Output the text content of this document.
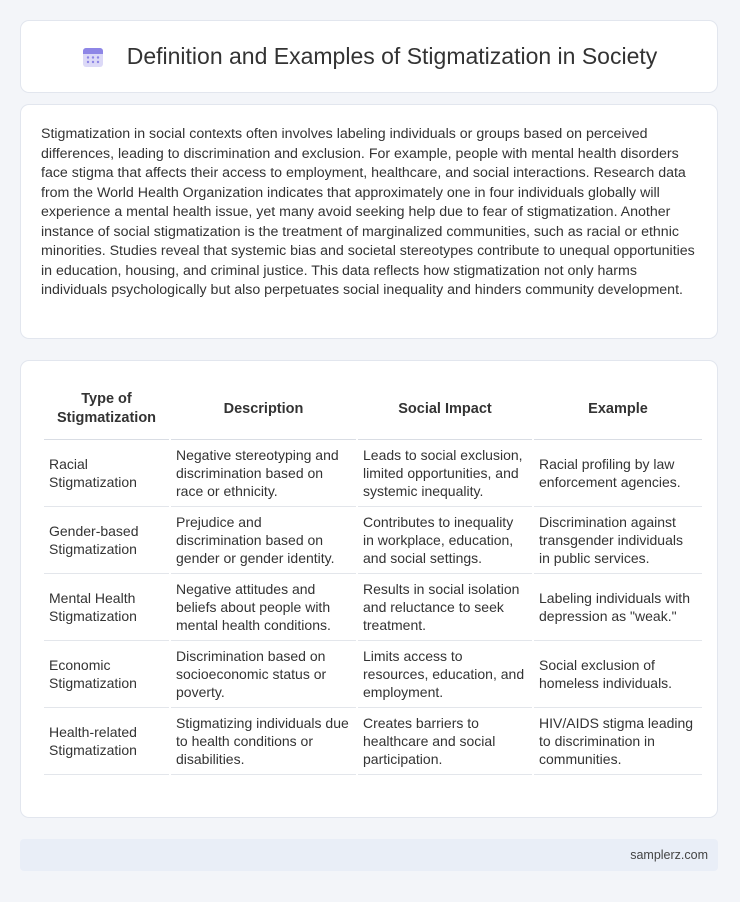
Definition and Examples of Stigmatization in Society

Stigmatization in social contexts often involves labeling individuals or groups based on perceived differences, leading to discrimination and exclusion. For example, people with mental health disorders face stigma that affects their access to employment, healthcare, and social interactions. Research data from the World Health Organization indicates that approximately one in four individuals globally will experience a mental health issue, yet many avoid seeking help due to fear of stigmatization. Another instance of social stigmatization is the treatment of marginalized communities, such as racial or ethnic minorities. Studies reveal that systemic bias and societal stereotypes contribute to unequal opportunities in education, housing, and criminal justice. This data reflects how stigmatization not only harms individuals psychologically but also perpetuates social inequality and hinders community development.

Type of Stigmatization	Description	Social Impact	Example
Racial Stigmatization	Negative stereotyping and discrimination based on race or ethnicity.	Leads to social exclusion, limited opportunities, and systemic inequality.	Racial profiling by law enforcement agencies.
Gender-based Stigmatization	Prejudice and discrimination based on gender or gender identity.	Contributes to inequality in workplace, education, and social settings.	Discrimination against transgender individuals in public services.
Mental Health Stigmatization	Negative attitudes and beliefs about people with mental health conditions.	Results in social isolation and reluctance to seek treatment.	Labeling individuals with depression as "weak."
Economic Stigmatization	Discrimination based on socioeconomic status or poverty.	Limits access to resources, education, and employment.	Social exclusion of homeless individuals.
Health-related Stigmatization	Stigmatizing individuals due to health conditions or disabilities.	Creates barriers to healthcare and social participation.	HIV/AIDS stigma leading to discrimination in communities.
samplerz.com
